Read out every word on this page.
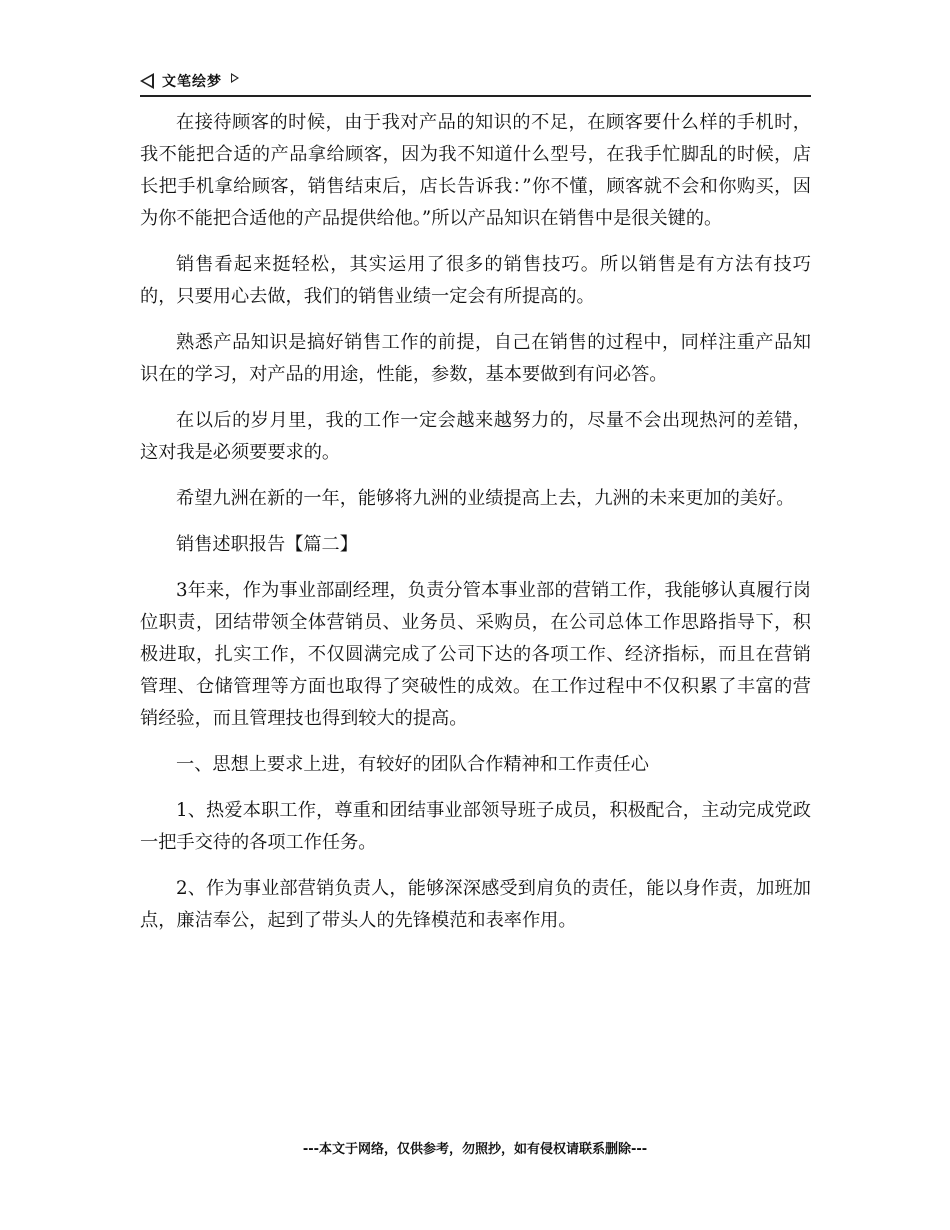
文笔绘梦

在接待顾客的时候，由于我对产品的知识的不足，在顾客要什么样的手机时，我不能把合适的产品拿给顾客，因为我不知道什么型号，在我手忙脚乱的时候，店长把手机拿给顾客，销售结束后，店长告诉我：”你不懂，顾客就不会和你购买，因为你不能把合适他的产品提供给他。”所以产品知识在销售中是很关键的。

销售看起来挺轻松，其实运用了很多的销售技巧。所以销售是有方法有技巧的，只要用心去做，我们的销售业绩一定会有所提高的。

熟悉产品知识是搞好销售工作的前提，自己在销售的过程中，同样注重产品知识在的学习，对产品的用途，性能，参数，基本要做到有问必答。

在以后的岁月里，我的工作一定会越来越努力的，尽量不会出现热河的差错，这对我是必须要要求的。

希望九洲在新的一年，能够将九洲的业绩提高上去，九洲的未来更加的美好。

销售述职报告【篇二】

3年来，作为事业部副经理，负责分管本事业部的营销工作，我能够认真履行岗位职责，团结带领全体营销员、业务员、采购员，在公司总体工作思路指导下，积极进取，扎实工作，不仅圆满完成了公司下达的各项工作、经济指标，而且在营销管理、仓储管理等方面也取得了突破性的成效。在工作过程中不仅积累了丰富的营销经验，而且管理技也得到较大的提高。

一、思想上要求上进，有较好的团队合作精神和工作责任心

1、热爱本职工作，尊重和团结事业部领导班子成员，积极配合，主动完成党政一把手交待的各项工作任务。

2、作为事业部营销负责人，能够深深感受到肩负的责任，能以身作责，加班加点，廉洁奉公，起到了带头人的先锋模范和表率作用。

---本文于网络，仅供参考，勿照抄，如有侵权请联系删除---
